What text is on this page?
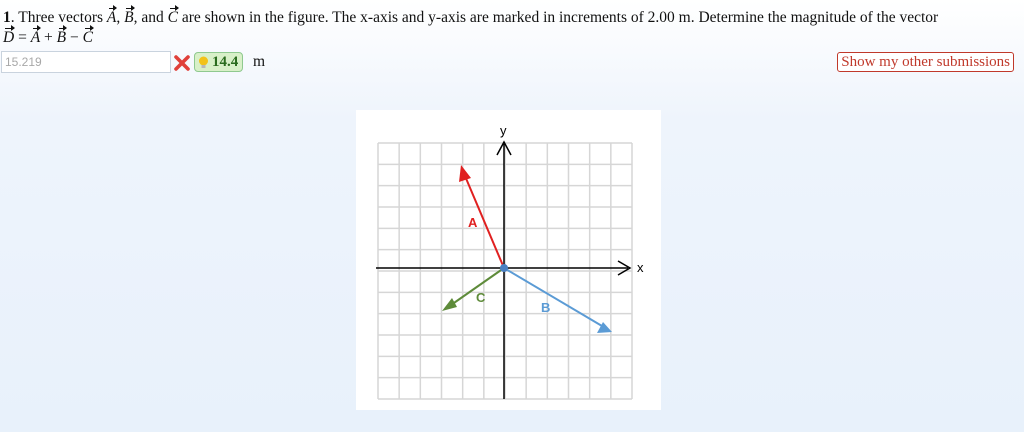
1. Three vectors A, B, and C are shown in the figure. The x-axis and y-axis are marked in increments of 2.00 m. Determine the magnitude of the vector
D = A + B − C
15.219
14.4 m	Show my other submissions
y
x
A
B
C
